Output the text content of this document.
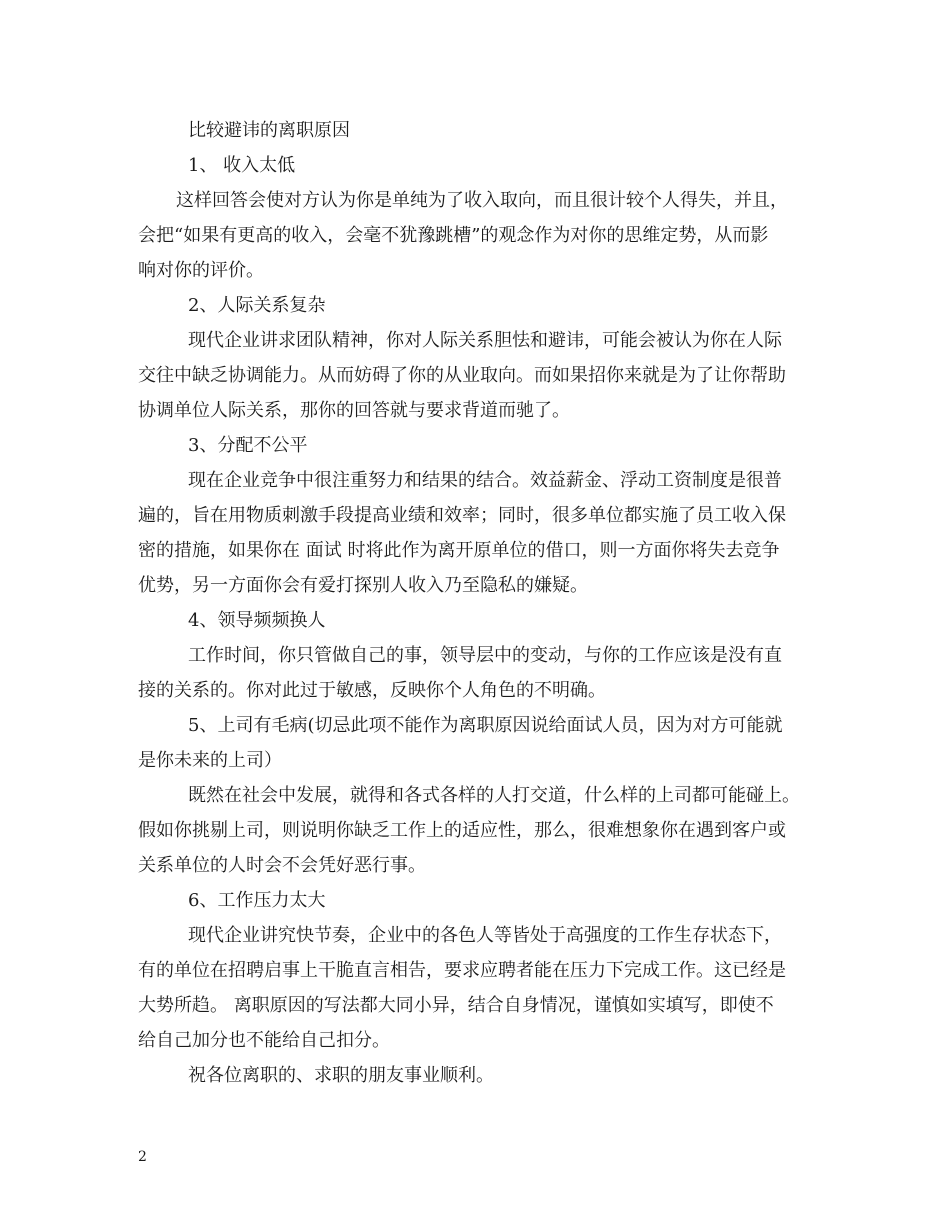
比较避讳的离职原因
1、 收入太低
这样回答会使对方认为你是单纯为了收入取向，而且很计较个人得失，并且，
会把“如果有更高的收入，会毫不犹豫跳槽”的观念作为对你的思维定势，从而影
响对你的评价。
2、人际关系复杂
现代企业讲求团队精神，你对人际关系胆怯和避讳，可能会被认为你在人际
交往中缺乏协调能力。从而妨碍了你的从业取向。而如果招你来就是为了让你帮助
协调单位人际关系，那你的回答就与要求背道而驰了。
3、分配不公平
现在企业竞争中很注重努力和结果的结合。效益薪金、浮动工资制度是很普
遍的，旨在用物质刺激手段提高业绩和效率；同时，很多单位都实施了员工收入保
密的措施，如果你在 面试 时将此作为离开原单位的借口，则一方面你将失去竞争
优势，另一方面你会有爱打探别人收入乃至隐私的嫌疑。
4、领导频频换人
工作时间，你只管做自己的事，领导层中的变动，与你的工作应该是没有直
接的关系的。你对此过于敏感，反映你个人角色的不明确。
5、上司有毛病(切忌此项不能作为离职原因说给面试人员，因为对方可能就
是你未来的上司）
既然在社会中发展，就得和各式各样的人打交道，什么样的上司都可能碰上。
假如你挑剔上司，则说明你缺乏工作上的适应性，那么，很难想象你在遇到客户或
关系单位的人时会不会凭好恶行事。
6、工作压力太大
现代企业讲究快节奏，企业中的各色人等皆处于高强度的工作生存状态下，
有的单位在招聘启事上干脆直言相告，要求应聘者能在压力下完成工作。这已经是
大势所趋。 离职原因的写法都大同小异，结合自身情况，谨慎如实填写，即使不
给自己加分也不能给自己扣分。
祝各位离职的、求职的朋友事业顺利。
2
